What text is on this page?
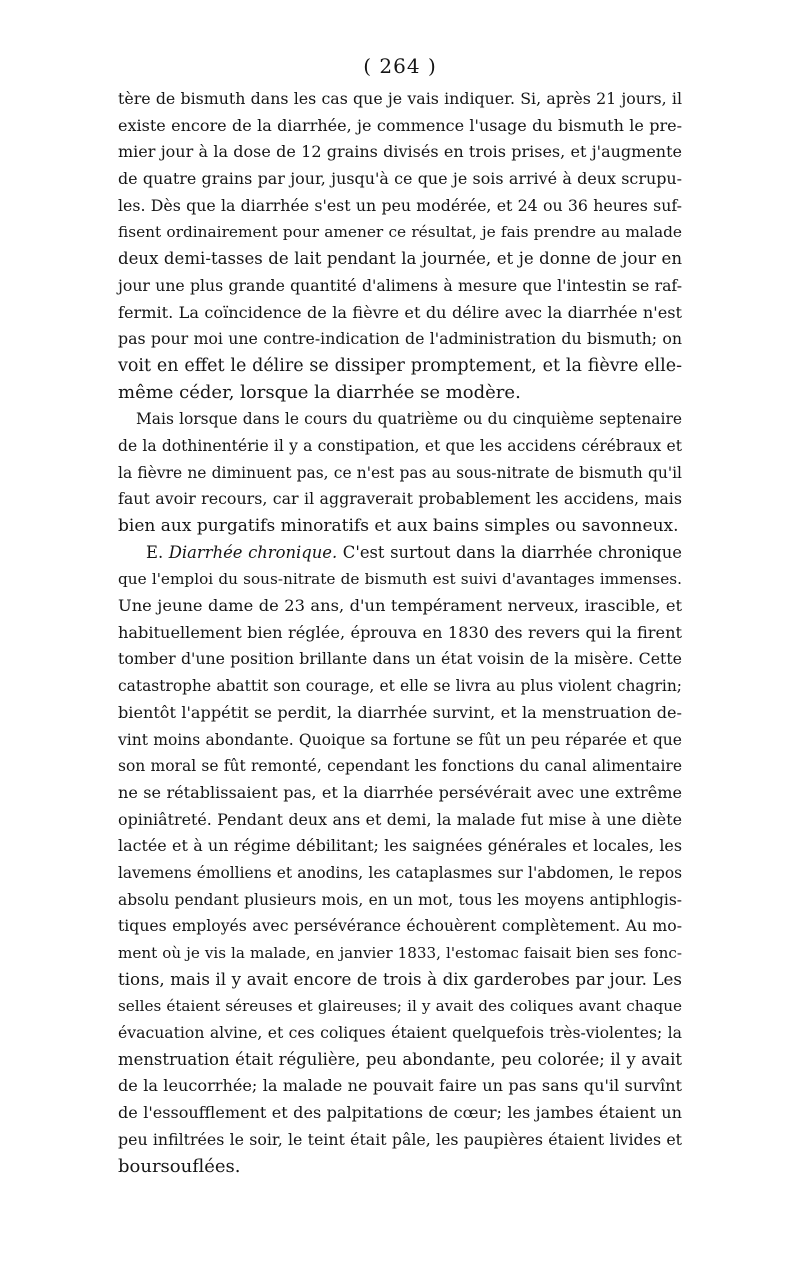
( 264 )
tère de bismuth dans les cas que je vais indiquer. Si, après 21 jours, il
existe encore de la diarrhée, je commence l'usage du bismuth le pre-
mier jour à la dose de 12 grains divisés en trois prises, et j'augmente
de quatre grains par jour, jusqu'à ce que je sois arrivé à deux scrupu-
les. Dès que la diarrhée s'est un peu modérée, et 24 ou 36 heures suf-
fisent ordinairement pour amener ce résultat, je fais prendre au malade
deux demi-tasses de lait pendant la journée, et je donne de jour en
jour une plus grande quantité d'alimens à mesure que l'intestin se raf-
fermit. La coïncidence de la fièvre et du délire avec la diarrhée n'est
pas pour moi une contre-indication de l'administration du bismuth; on
voit en effet le délire se dissiper promptement, et la fièvre elle-
même céder, lorsque la diarrhée se modère.
Mais lorsque dans le cours du quatrième ou du cinquième septenaire
de la dothinentérie il y a constipation, et que les accidens cérébraux et
la fièvre ne diminuent pas, ce n'est pas au sous-nitrate de bismuth qu'il
faut avoir recours, car il aggraverait probablement les accidens, mais
bien aux purgatifs minoratifs et aux bains simples ou savonneux.
E. Diarrhée chronique. C'est surtout dans la diarrhée chronique
que l'emploi du sous-nitrate de bismuth est suivi d'avantages immenses.
Une jeune dame de 23 ans, d'un tempérament nerveux, irascible, et
habituellement bien réglée, éprouva en 1830 des revers qui la firent
tomber d'une position brillante dans un état voisin de la misère. Cette
catastrophe abattit son courage, et elle se livra au plus violent chagrin;
bientôt l'appétit se perdit, la diarrhée survint, et la menstruation de-
vint moins abondante. Quoique sa fortune se fût un peu réparée et que
son moral se fût remonté, cependant les fonctions du canal alimentaire
ne se rétablissaient pas, et la diarrhée persévérait avec une extrême
opiniâtreté. Pendant deux ans et demi, la malade fut mise à une diète
lactée et à un régime débilitant; les saignées générales et locales, les
lavemens émolliens et anodins, les cataplasmes sur l'abdomen, le repos
absolu pendant plusieurs mois, en un mot, tous les moyens antiphlogis-
tiques employés avec persévérance échouèrent complètement. Au mo-
ment où je vis la malade, en janvier 1833, l'estomac faisait bien ses fonc-
tions, mais il y avait encore de trois à dix garderobes par jour. Les
selles étaient séreuses et glaireuses; il y avait des coliques avant chaque
évacuation alvine, et ces coliques étaient quelquefois très-violentes; la
menstruation était régulière, peu abondante, peu colorée; il y avait
de la leucorrhée; la malade ne pouvait faire un pas sans qu'il survînt
de l'essoufflement et des palpitations de cœur; les jambes étaient un
peu infiltrées le soir, le teint était pâle, les paupières étaient livides et
boursouflées.
